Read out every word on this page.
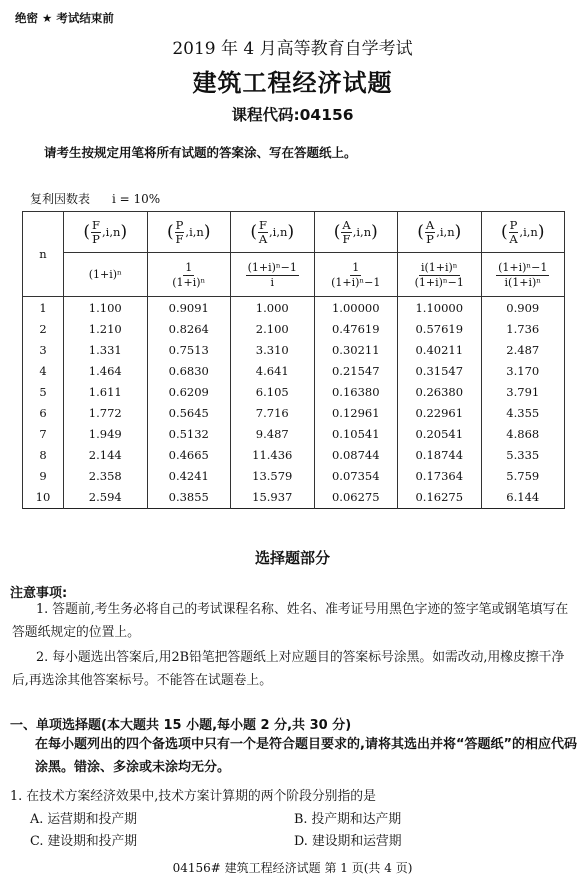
绝密 ★ 考试结束前
2019 年 4 月高等教育自学考试
建筑工程经济试题
课程代码:04156
请考生按规定用笔将所有试题的答案涂、写在答题纸上。
复利因数表 i = 10%
n	( $\frac{F}{P} ,i,n$ )	( $\frac{P}{F} ,i,n$ )	( $\frac{F}{A} ,i,n$ )	( $\frac{A}{F} ,i,n$ )	( $\frac{A}{P} ,i,n$ )	( $\frac{P}{A} ,i,n$ )

	(1+i)ⁿ	$\frac{1}{\text{(1+i)ⁿ}}$	$\frac{\text{(1+i)ⁿ−1}}{i}$	$\frac{1}{\text{(1+i)ⁿ−1}}$	$\frac{\text{i(1+i)ⁿ}}{\text{(1+i)ⁿ−1}}$	$\frac{\text{(1+i)ⁿ−1}}{\text{i(1+i)ⁿ}}$

1	1.100	0.9091	1.000	1.00000	1.10000	0.909
2	1.210	0.8264	2.100	0.47619	0.57619	1.736
3	1.331	0.7513	3.310	0.30211	0.40211	2.487
4	1.464	0.6830	4.641	0.21547	0.31547	3.170
5	1.611	0.6209	6.105	0.16380	0.26380	3.791
6	1.772	0.5645	7.716	0.12961	0.22961	4.355
7	1.949	0.5132	9.487	0.10541	0.20541	4.868
8	2.144	0.4665	11.436	0.08744	0.18744	5.335
9	2.358	0.4241	13.579	0.07354	0.17364	5.759
10	2.594	0.3855	15.937	0.06275	0.16275	6.144
选择题部分
注意事项:
1. 答题前,考生务必将自己的考试课程名称、姓名、准考证号用黑色字迹的签字笔或钢笔填写在答题纸规定的位置上。
2. 每小题选出答案后,用2B铅笔把答题纸上对应题目的答案标号涂黑。如需改动,用橡皮擦干净后,再选涂其他答案标号。不能答在试题卷上。
一、单项选择题(本大题共 15 小题,每小题 2 分,共 30 分)
在每小题列出的四个备选项中只有一个是符合题目要求的,请将其选出并将“答题纸”的相应代码涂黑。错涂、多涂或未涂均无分。
1. 在技术方案经济效果中,技术方案计算期的两个阶段分别指的是
A. 运营期和投产期	B. 投产期和达产期
C. 建设期和投产期	D. 建设期和运营期
04156# 建筑工程经济试题 第 1 页(共 4 页)
